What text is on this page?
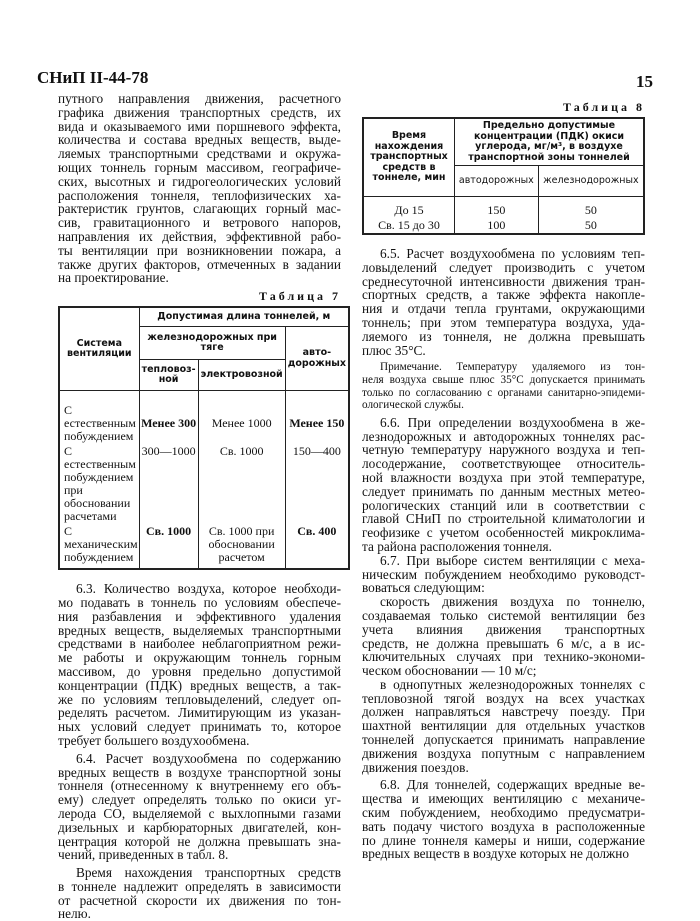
СНиП II-44-78	15
путного направления движения, расчетного
графика движения транспортных средств, их
вида и оказываемого ими поршневого эффекта,
количества и состава вредных веществ, выде-
ляемых транспортными средствами и окружа-
ющих тоннель горным массивом, географиче-
ских, высотных и гидрогеологических условий
расположения тоннеля, теплофизических ха-
рактеристик грунтов, слагающих горный мас-
сив, гравитационного и ветрового напоров,
направления их действия, эффективной рабо-
ты вентиляции при возникновении пожара, а
также других факторов, отмеченных в задании
на проектирование.
Таблица 7
Система вентиляции	Допустимая длина тоннелей, м		
	железнодорожных при тяге		авто-дорожных
	тепловоз-ной	электровозной	

С естественным побуждением	Менее 300	Менее 1000	Менее 150
С естественным побуждением при обосновании расчетами	300—1000	Св. 1000	150—400
С механическим побуждением	Св. 1000	Св. 1000 при обосновании расчетом	Св. 400
6.3. Количество воздуха, которое необходи-
мо подавать в тоннель по условиям обеспече-
ния разбавления и эффективного удаления
вредных веществ, выделяемых транспортными
средствами в наиболее неблагоприятном режи-
ме работы и окружающим тоннель горным
массивом, до уровня предельно допустимой
концентрации (ПДК) вредных веществ, а так-
же по условиям тепловыделений, следует оп-
ределять расчетом. Лимитирующим из указан-
ных условий следует принимать то, которое
требует большего воздухообмена.
6.4. Расчет воздухообмена по содержанию
вредных веществ в воздухе транспортной зоны
тоннеля (отнесенному к внутреннему его объ-
ему) следует определять только по окиси уг-
лерода СО, выделяемой с выхлопными газами
дизельных и карбюраторных двигателей, кон-
центрация которой не должна превышать зна-
чений, приведенных в табл. 8.
Время нахождения транспортных средств
в тоннеле надлежит определять в зависимости
от расчетной скорости их движения по тон-
нелю.
Таблица 8
Время нахождения транспортных средств в тоннеле, мин	Предельно допустимые концентрации (ПДК) окиси углерода, мг/м³, в воздухе транспортной зоны тоннелей	
	автодорожных	железнодорожных

До 15	150	50
Св. 15 до 30	100	50
6.5. Расчет воздухообмена по условиям теп-
ловыделений следует производить с учетом
среднесуточной интенсивности движения тран-
спортных средств, а также эффекта накопле-
ния и отдачи тепла грунтами, окружающими
тоннель; при этом температура воздуха, уда-
ляемого из тоннеля, не должна превышать
плюс 35°С.
Примечание. Температуру удаляемого из тон-
неля воздуха свыше плюс 35°С допускается принимать
только по согласованию с органами санитарно-эпидеми-
ологической службы.
6.6. При определении воздухообмена в же-
лезнодорожных и автодорожных тоннелях рас-
четную температуру наружного воздуха и теп-
лосодержание, соответствующее относитель-
ной влажности воздуха при этой температуре,
следует принимать по данным местных метео-
рологических станций или в соответствии с
главой СНиП по строительной климатологии и
геофизике с учетом особенностей микроклима-
та района расположения тоннеля.
6.7. При выборе систем вентиляции с меха-
ническим побуждением необходимо руководст-
воваться следующим:
скорость движения воздуха по тоннелю,
создаваемая только системой вентиляции без
учета влияния движения транспортных
средств, не должна превышать 6 м/с, а в ис-
ключительных случаях при технико-экономи-
ческом обосновании — 10 м/с;
в однопутных железнодорожных тоннелях с
тепловозной тягой воздух на всех участках
должен направляться навстречу поезду. При
шахтной вентиляции для отдельных участков
тоннелей допускается принимать направление
движения воздуха попутным с направлением
движения поездов.
6.8. Для тоннелей, содержащих вредные ве-
щества и имеющих вентиляцию с механиче-
ским побуждением, необходимо предусматри-
вать подачу чистого воздуха в расположенные
по длине тоннеля камеры и ниши, содержание
вредных веществ в воздухе которых не должно
